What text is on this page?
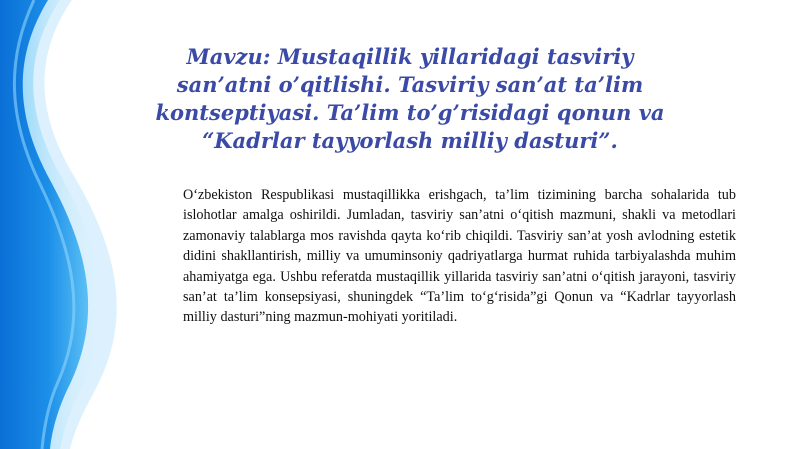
Mavzu: Mustaqillik yillaridagi tasviriy san’atni o’qitlishi. Tasviriy san’at ta’lim kontseptiyasi. Ta’lim to’g’risidagi qonun va “Kadrlar tayyorlash milliy dasturi”.

O‘zbekiston Respublikasi mustaqillikka erishgach, ta’lim tizimining barcha sohalarida tub islohotlar amalga oshirildi. Jumladan, tasviriy san’atni o‘qitish mazmuni, shakli va metodlari zamonaviy talablarga mos ravishda qayta ko‘rib chiqildi. Tasviriy san’at yosh avlodning estetik didini shakllantirish, milliy va umuminsoniy qadriyatlarga hurmat ruhida tarbiyalashda muhim ahamiyatga ega. Ushbu referatda mustaqillik yillarida tasviriy san’atni o‘qitish jarayoni, tasviriy san’at ta’lim konsepsiyasi, shuningdek “Ta’lim to‘g‘risida”gi Qonun va “Kadrlar tayyorlash milliy dasturi”ning mazmun-mohiyati yoritiladi.
